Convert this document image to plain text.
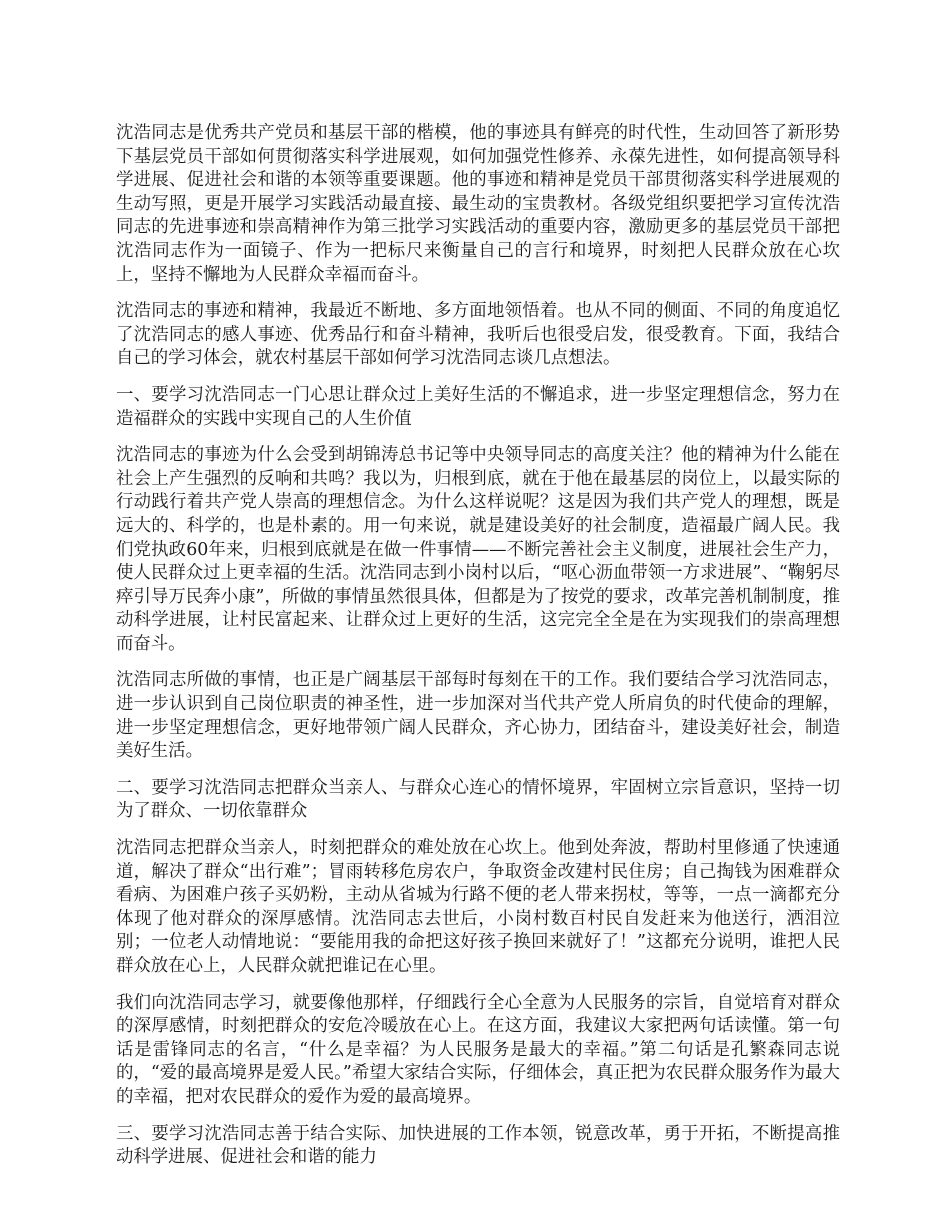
沈浩同志是优秀共产党员和基层干部的楷模，他的事迹具有鲜亮的时代性，生动回答了新形势下基层党员干部如何贯彻落实科学进展观，如何加强党性修养、永葆先进性，如何提高领导科学进展、促进社会和谐的本领等重要课题。他的事迹和精神是党员干部贯彻落实科学进展观的生动写照，更是开展学习实践活动最直接、最生动的宝贵教材。各级党组织要把学习宣传沈浩同志的先进事迹和崇高精神作为第三批学习实践活动的重要内容，激励更多的基层党员干部把沈浩同志作为一面镜子、作为一把标尺来衡量自己的言行和境界，时刻把人民群众放在心坎上，坚持不懈地为人民群众幸福而奋斗。

沈浩同志的事迹和精神，我最近不断地、多方面地领悟着。也从不同的侧面、不同的角度追忆了沈浩同志的感人事迹、优秀品行和奋斗精神，我听后也很受启发，很受教育。下面，我结合自己的学习体会，就农村基层干部如何学习沈浩同志谈几点想法。

一、要学习沈浩同志一门心思让群众过上美好生活的不懈追求，进一步坚定理想信念，努力在造福群众的实践中实现自己的人生价值

沈浩同志的事迹为什么会受到胡锦涛总书记等中央领导同志的高度关注？他的精神为什么能在社会上产生强烈的反响和共鸣？我以为，归根到底，就在于他在最基层的岗位上，以最实际的行动践行着共产党人崇高的理想信念。为什么这样说呢？这是因为我们共产党人的理想，既是远大的、科学的，也是朴素的。用一句来说，就是建设美好的社会制度，造福最广阔人民。我们党执政60年来，归根到底就是在做一件事情——不断完善社会主义制度，进展社会生产力，使人民群众过上更幸福的生活。沈浩同志到小岗村以后，“呕心沥血带领一方求进展”、“鞠躬尽瘁引导万民奔小康”，所做的事情虽然很具体，但都是为了按党的要求，改革完善机制制度，推动科学进展，让村民富起来、让群众过上更好的生活，这完完全全是在为实现我们的崇高理想而奋斗。

沈浩同志所做的事情，也正是广阔基层干部每时每刻在干的工作。我们要结合学习沈浩同志，进一步认识到自己岗位职责的神圣性，进一步加深对当代共产党人所肩负的时代使命的理解，进一步坚定理想信念，更好地带领广阔人民群众，齐心协力，团结奋斗，建设美好社会，制造美好生活。

二、要学习沈浩同志把群众当亲人、与群众心连心的情怀境界，牢固树立宗旨意识，坚持一切为了群众、一切依靠群众

沈浩同志把群众当亲人，时刻把群众的难处放在心坎上。他到处奔波，帮助村里修通了快速通道，解决了群众“出行难”；冒雨转移危房农户，争取资金改建村民住房；自己掏钱为困难群众看病、为困难户孩子买奶粉，主动从省城为行路不便的老人带来拐杖，等等，一点一滴都充分体现了他对群众的深厚感情。沈浩同志去世后，小岗村数百村民自发赶来为他送行，洒泪泣别；一位老人动情地说：“要能用我的命把这好孩子换回来就好了！”这都充分说明，谁把人民群众放在心上，人民群众就把谁记在心里。

我们向沈浩同志学习，就要像他那样，仔细践行全心全意为人民服务的宗旨，自觉培育对群众的深厚感情，时刻把群众的安危冷暖放在心上。在这方面，我建议大家把两句话读懂。第一句话是雷锋同志的名言，“什么是幸福？为人民服务是最大的幸福。”第二句话是孔繁森同志说的，“爱的最高境界是爱人民。”希望大家结合实际，仔细体会，真正把为农民群众服务作为最大的幸福，把对农民群众的爱作为爱的最高境界。

三、要学习沈浩同志善于结合实际、加快进展的工作本领，锐意改革，勇于开拓，不断提高推动科学进展、促进社会和谐的能力
